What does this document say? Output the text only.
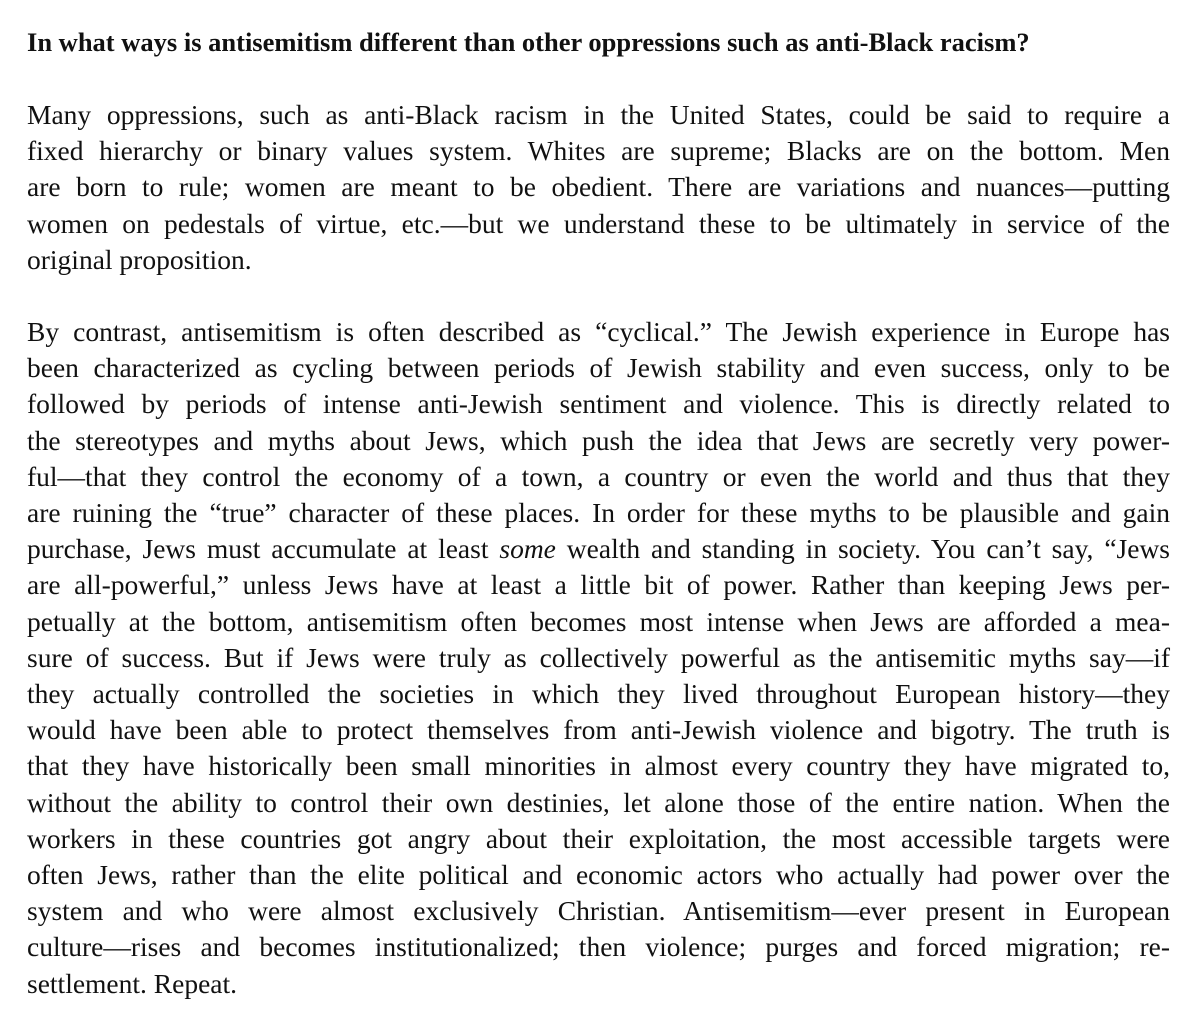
In what ways is antisemitism different than other oppressions such as anti-Black racism?

Many oppressions, such as anti-Black racism in the United States, could be said to require a
fixed hierarchy or binary values system. Whites are supreme; Blacks are on the bottom. Men
are born to rule; women are meant to be obedient. There are variations and nuances—putting
women on pedestals of virtue, etc.—but we understand these to be ultimately in service of the
original proposition.

By contrast, antisemitism is often described as “cyclical.” The Jewish experience in Europe has
been characterized as cycling between periods of Jewish stability and even success, only to be
followed by periods of intense anti-Jewish sentiment and violence. This is directly related to
the stereotypes and myths about Jews, which push the idea that Jews are secretly very power-
ful—that they control the economy of a town, a country or even the world and thus that they
are ruining the “true” character of these places. In order for these myths to be plausible and gain
purchase, Jews must accumulate at least some wealth and standing in society. You can’t say, “Jews
are all-powerful,” unless Jews have at least a little bit of power. Rather than keeping Jews per-
petually at the bottom, antisemitism often becomes most intense when Jews are afforded a mea-
sure of success. But if Jews were truly as collectively powerful as the antisemitic myths say—if
they actually controlled the societies in which they lived throughout European history—they
would have been able to protect themselves from anti-Jewish violence and bigotry. The truth is
that they have historically been small minorities in almost every country they have migrated to,
without the ability to control their own destinies, let alone those of the entire nation. When the
workers in these countries got angry about their exploitation, the most accessible targets were
often Jews, rather than the elite political and economic actors who actually had power over the
system and who were almost exclusively Christian. Antisemitism—ever present in European
culture—rises and becomes institutionalized; then violence; purges and forced migration; re-
settlement. Repeat.
